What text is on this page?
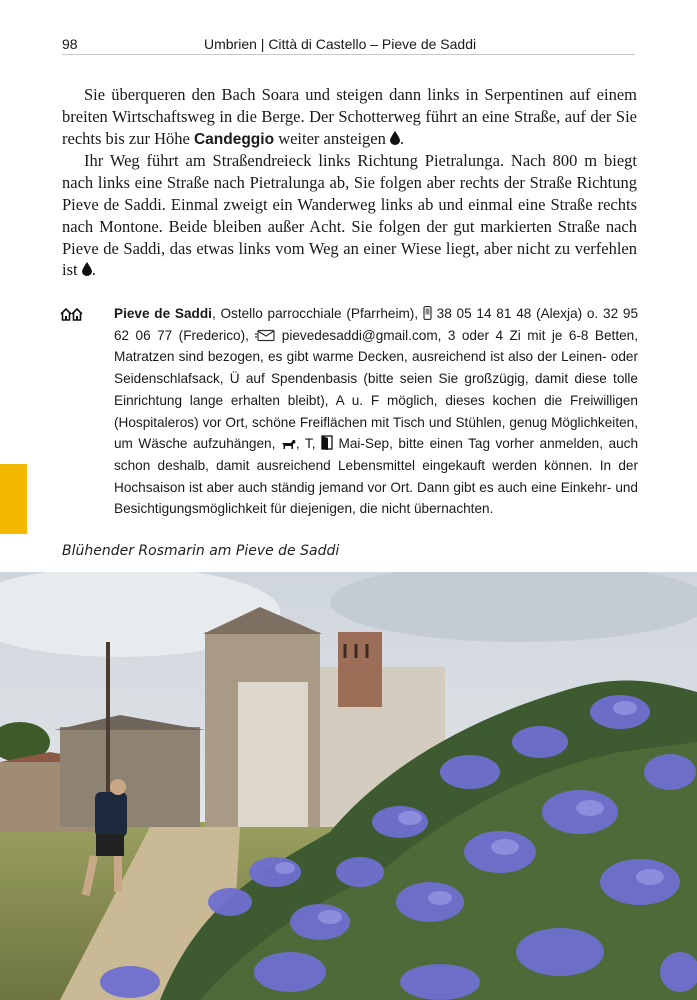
98	Umbrien | Città di Castello – Pieve de Saddi

Sie überqueren den Bach Soara und steigen dann links in Serpentinen auf einem breiten Wirtschaftsweg in die Berge. Der Schotterweg führt an eine Straße, auf der Sie rechts bis zur Höhe Candeggio weiter ansteigen .

Ihr Weg führt am Straßendreieck links Richtung Pietralunga. Nach 800 m biegt nach links eine Straße nach Pietralunga ab, Sie folgen aber rechts der Straße Richtung Pieve de Saddi. Einmal zweigt ein Wanderweg links ab und einmal eine Straße rechts nach Montone. Beide bleiben außer Acht. Sie folgen der gut markierten Straße nach Pieve de Saddi, das etwas links vom Weg an einer Wiese liegt, aber nicht zu verfehlen ist .

Pieve de Saddi, Ostello parrocchiale (Pfarrheim),  38 05 14 81 48 (Alexja) o. 32 95 62 06 77 (Frederico),  pievedesaddi@gmail.com, 3 oder 4 Zi mit je 6-8 Betten, Matratzen sind bezogen, es gibt warme Decken, ausreichend ist also der Leinen- oder Seidenschlafsack, Ü auf Spendenbasis (bitte seien Sie großzügig, damit diese tolle Einrichtung lange erhalten bleibt), A u. F möglich, dieses kochen die Freiwilligen (Hospitaleros) vor Ort, schöne Freiflächen mit Tisch und Stühlen, genug Möglichkeiten, um Wäsche aufzuhängen, , T,  Mai-Sep, bitte einen Tag vorher anmelden, auch schon deshalb, damit ausreichend Lebensmittel eingekauft werden können. In der Hochsaison ist aber auch ständig jemand vor Ort. Dann gibt es auch eine Einkehr- und Besichtigungsmöglichkeit für diejenigen, die nicht übernachten.
Blühender Rosmarin am Pieve de Saddi
